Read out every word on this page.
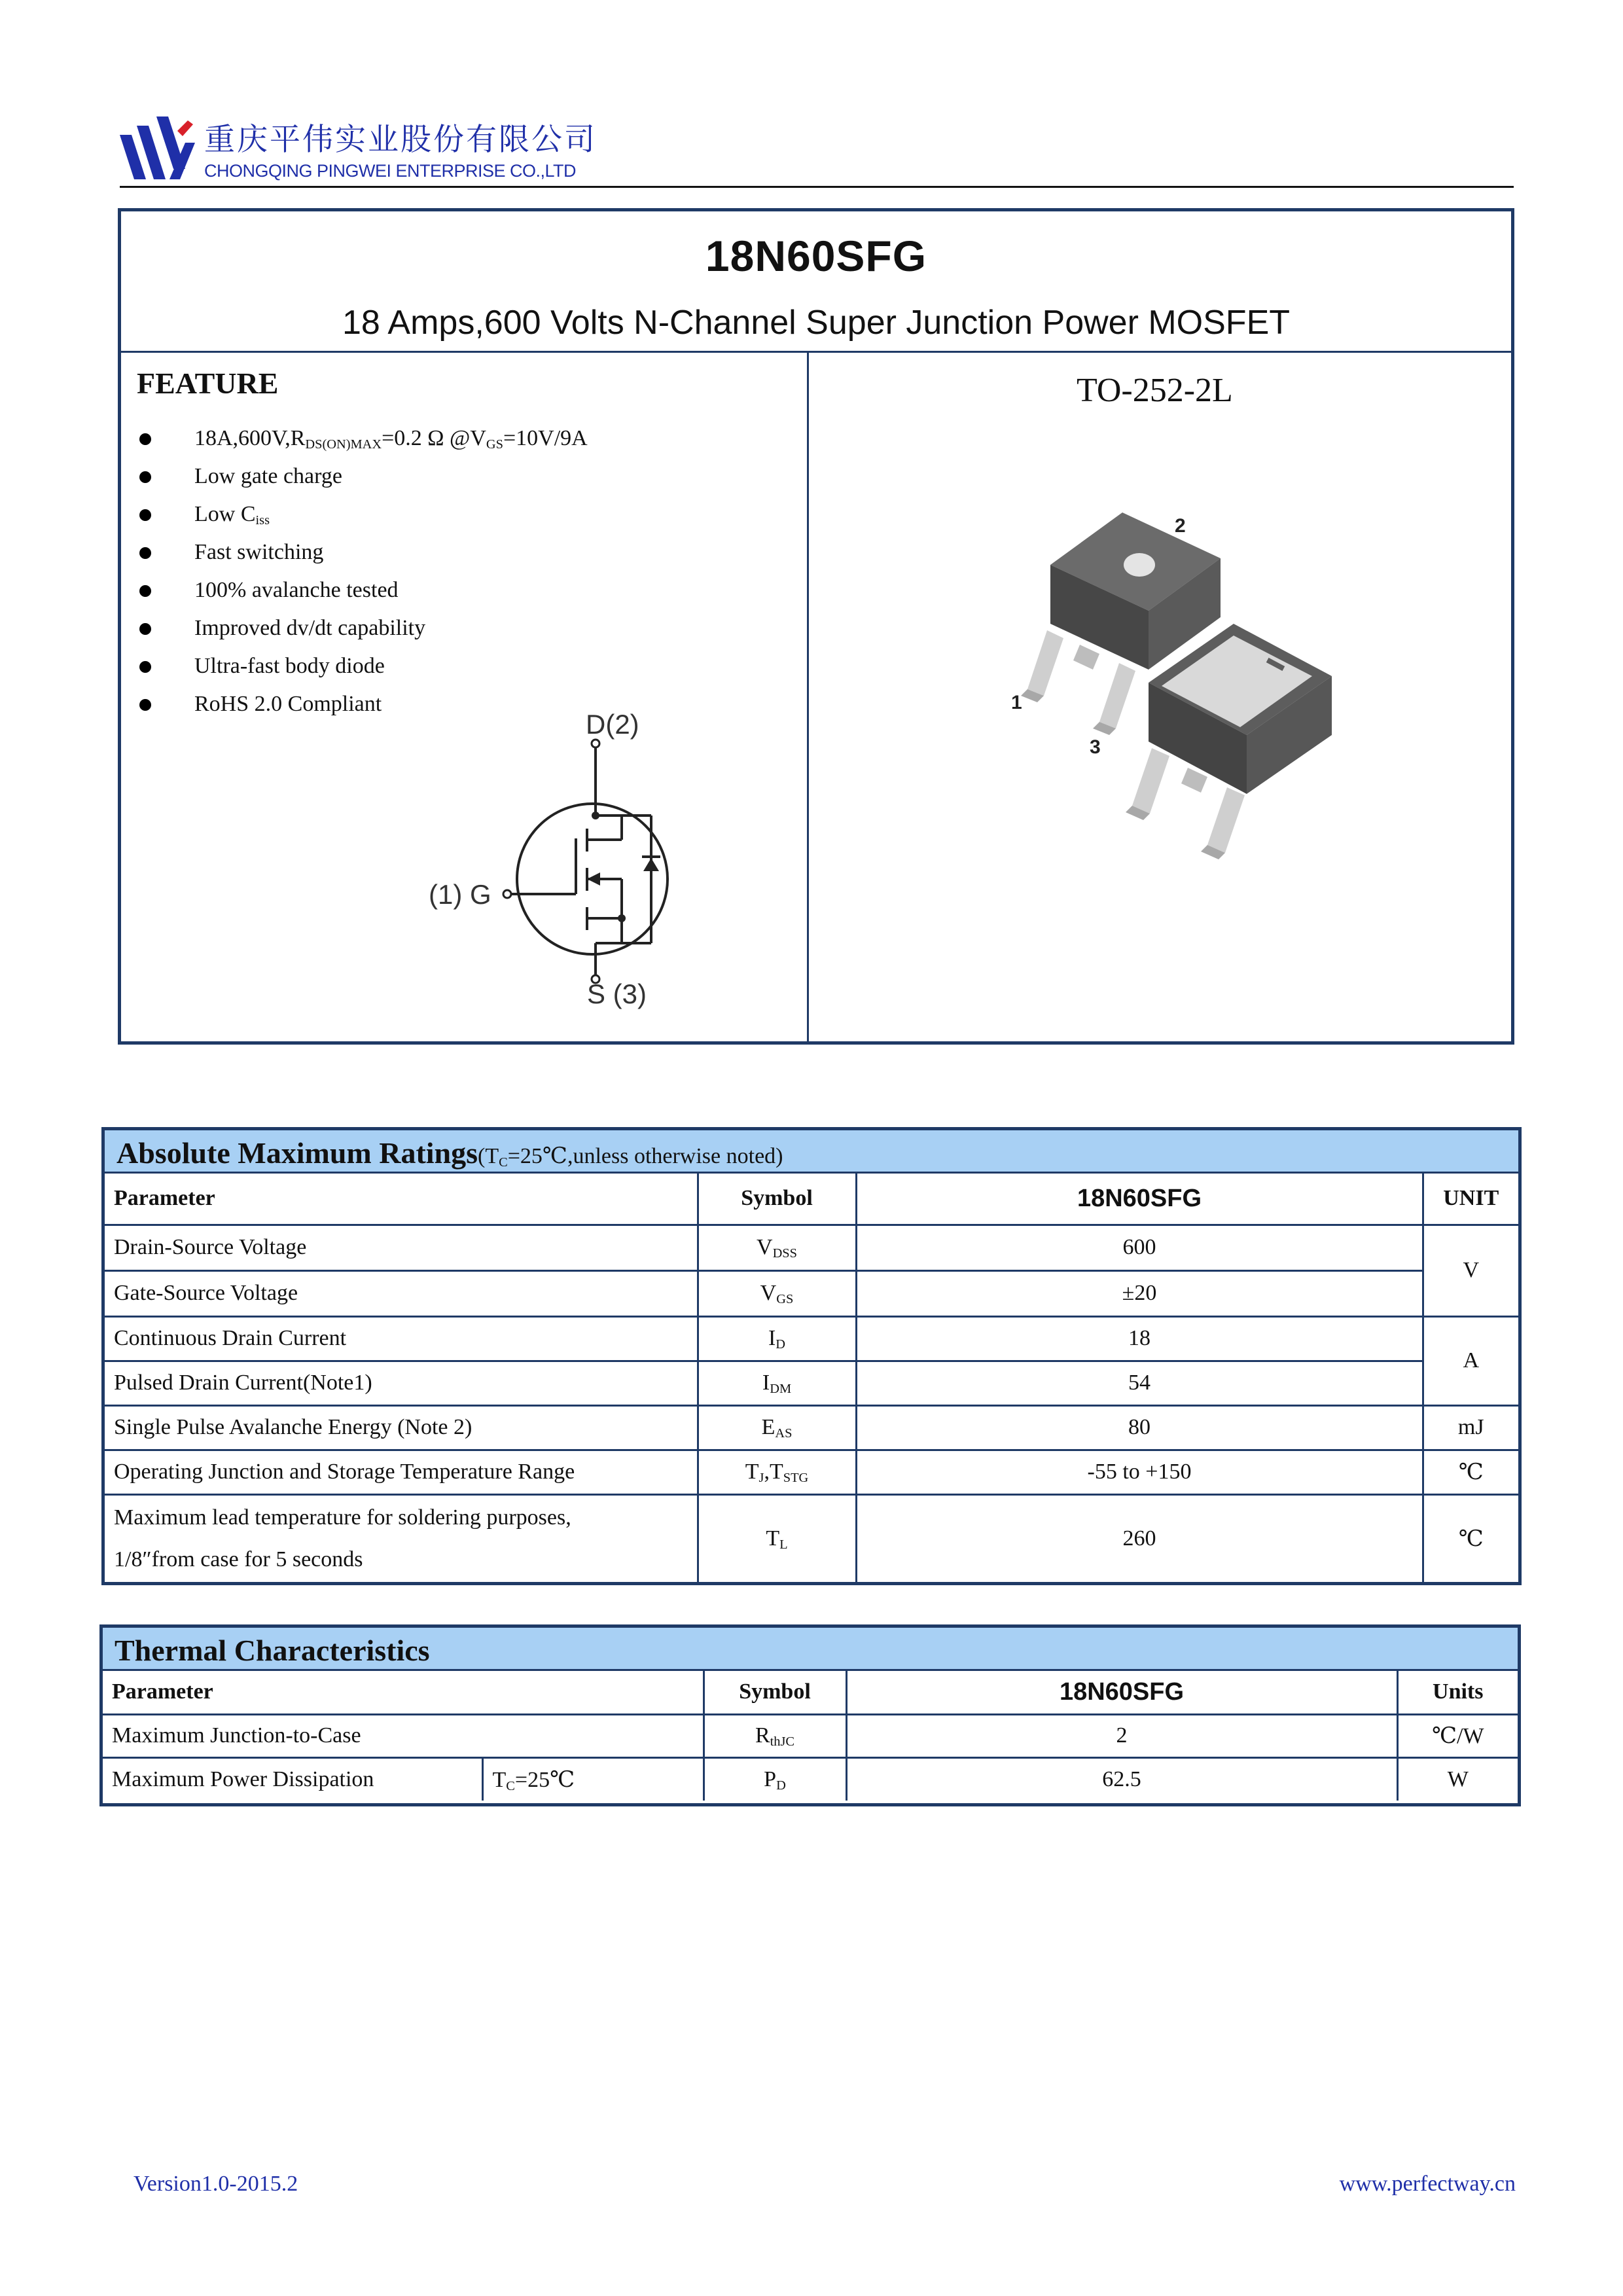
重庆平伟实业股份有限公司
CHONGQING PINGWEI ENTERPRISE CO.,LTD
18N60SFG
18 Amps,600 Volts N-Channel Super Junction Power MOSFET
FEATURE	TO-252-2L
$18A,600V,R_{DS(ON)MAX}=0.2$ Ω $@V_{GS}=10V/9A$
Low gate charge
Low $C_{iss}$
Fast switching
100% avalanche tested
Improved dv/dt capability
Ultra-fast body diode
RoHS 2.0 Compliant
D(2)
(1) G
S (3)
2
1
3
Absolute Maximum $Ratings(T_C=25℃,unless$ otherwise noted)
Parameter	Symbol	18N60SFG	UNIT
Drain-Source Voltage	$V_{DSS}$	600	V
Gate-Source Voltage	$V_{GS}$	±20	
Continuous Drain Current	$I_D$	18	A
Pulsed Drain Current(Note1)	$I_{DM}$	54	
Single Pulse Avalanche Energy (Note 2)	$E_{AS}$	80	mJ
Operating Junction and Storage Temperature Range	$T_J,T_{STG}$	-55 to +150	℃

Maximum lead temperature for soldering purposes,
1/8″from case for 5 seconds	$T_L$	260	℃
Thermal Characteristics
Parameter		Symbol	18N60SFG	Units
Maximum Junction-to-Case		$R_{thJC}$	2	℃/W
Maximum Power Dissipation	$T_C=25℃$	$P_D$	62.5	W
Version1.0-2015.2	www.perfectway.cn
